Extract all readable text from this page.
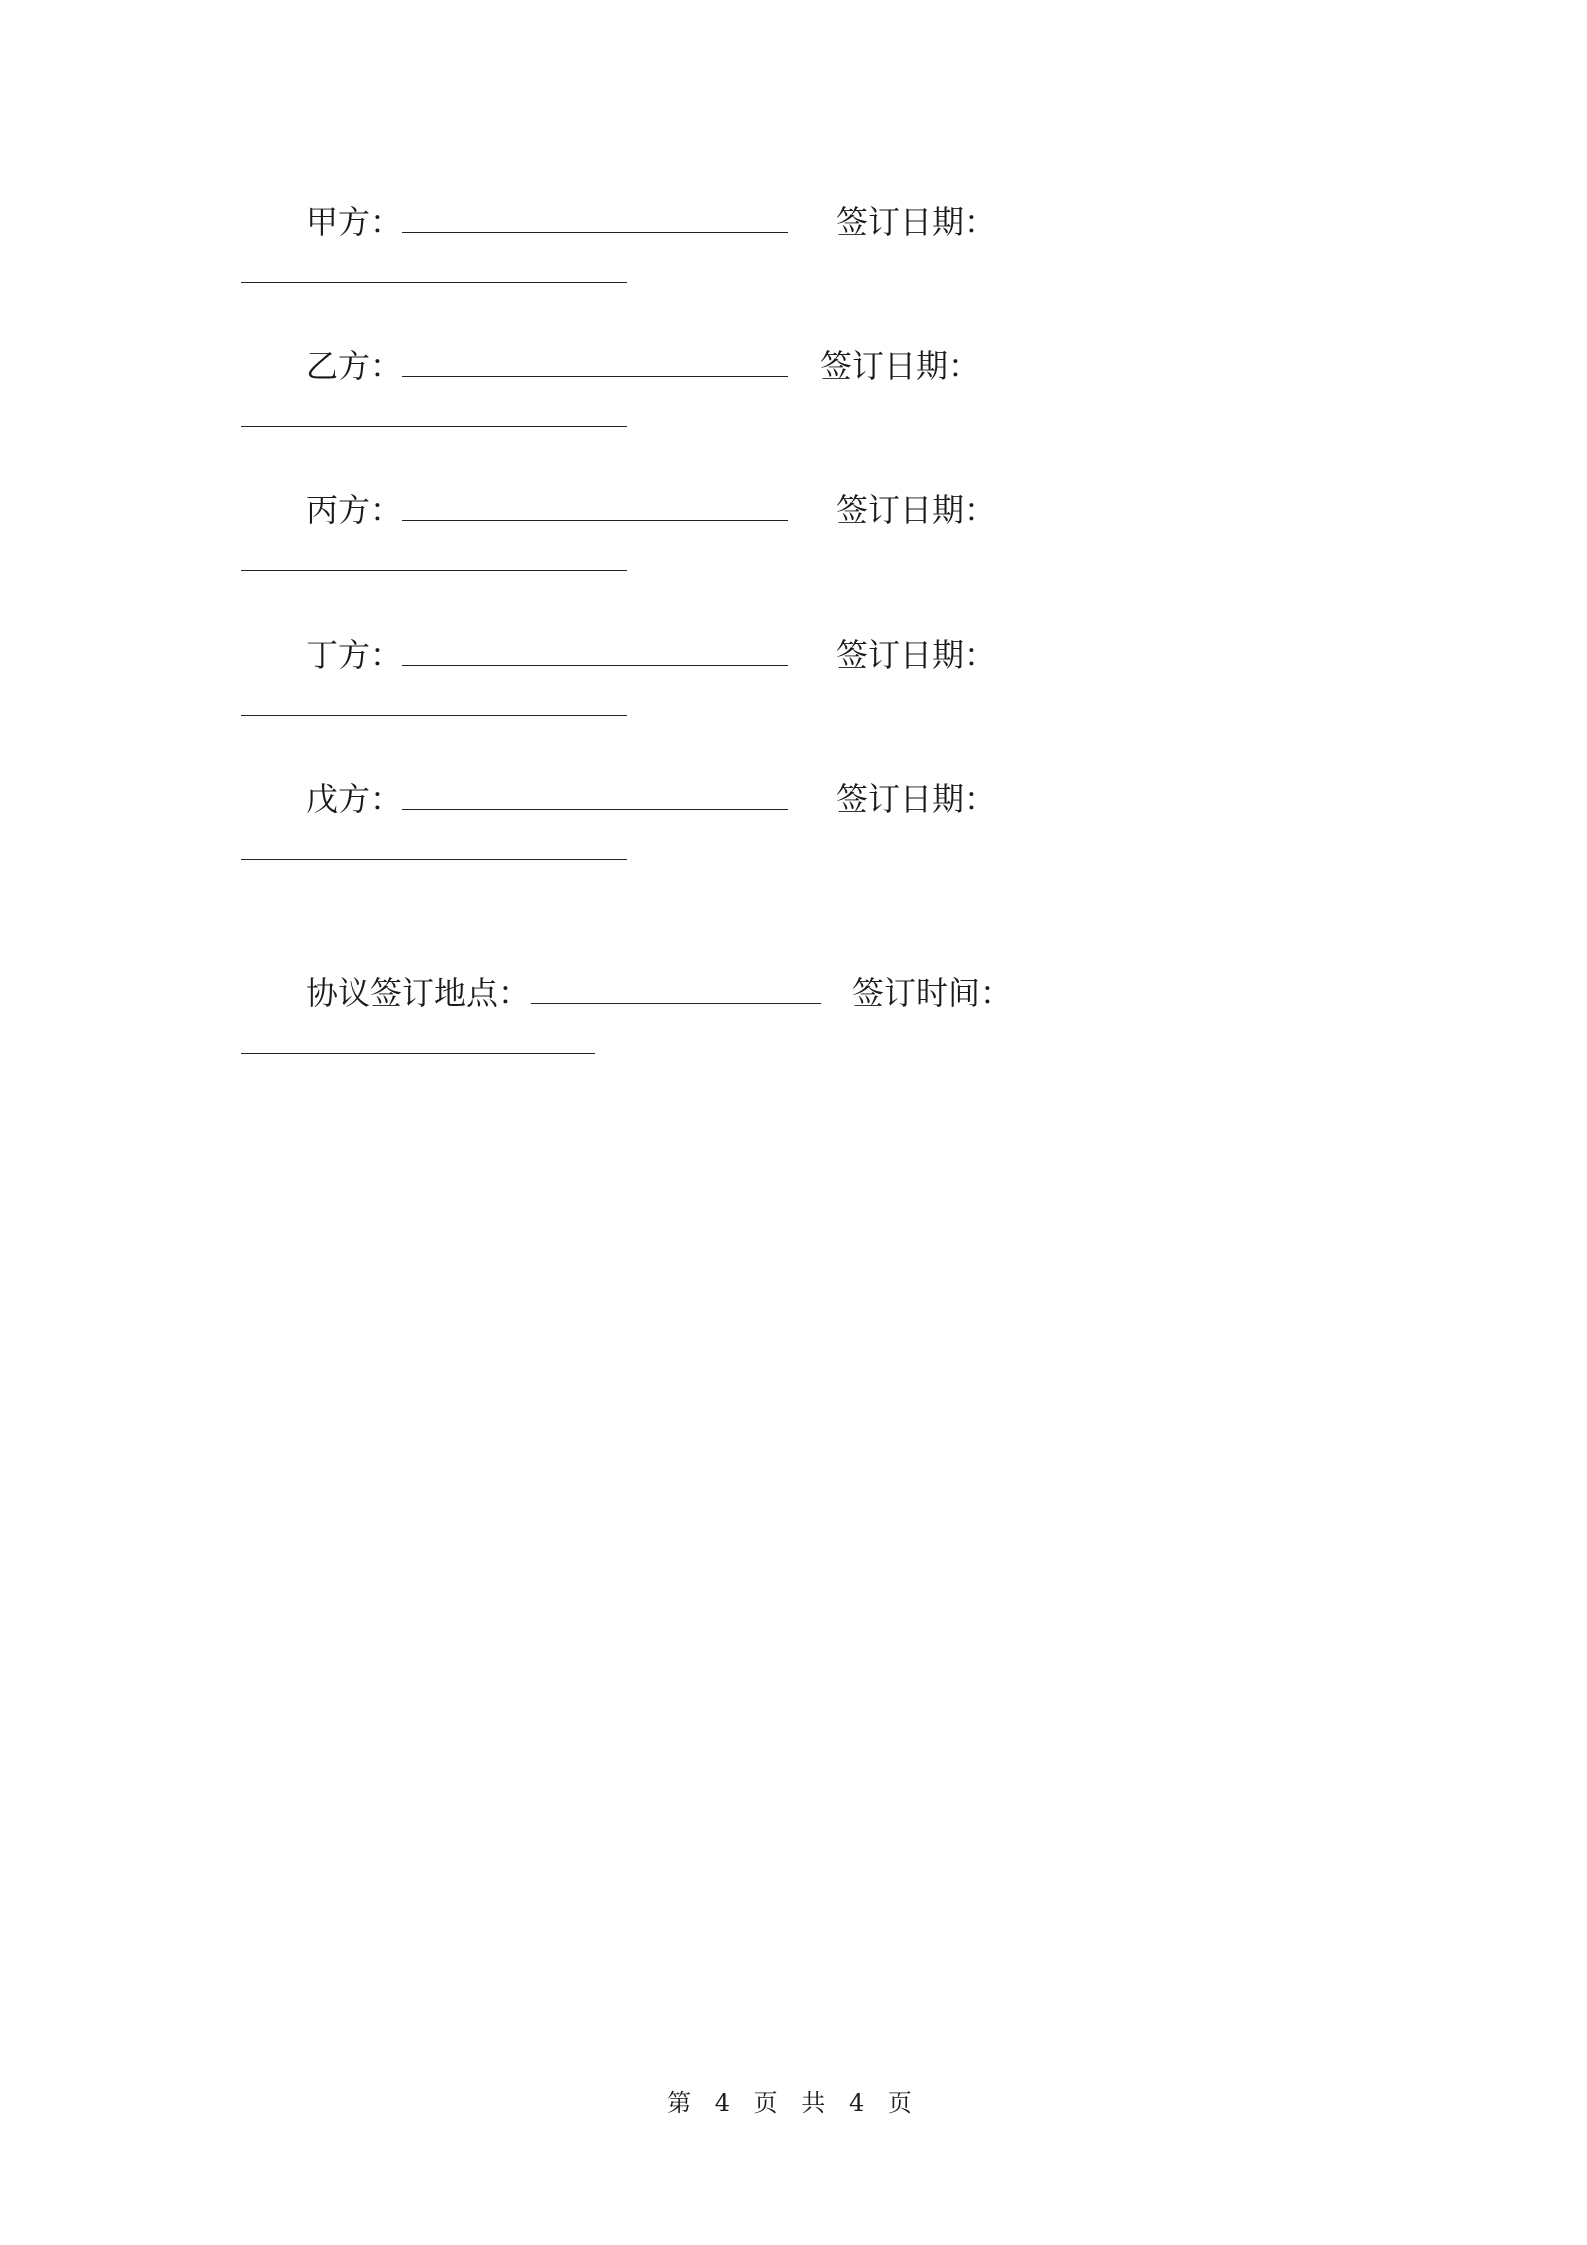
甲方：	签订日期：
乙方：	签订日期：
丙方：	签订日期：
丁方：	签订日期：
戊方：	签订日期：
协议签订地点：	签订时间：
第 4 页 共 4 页
